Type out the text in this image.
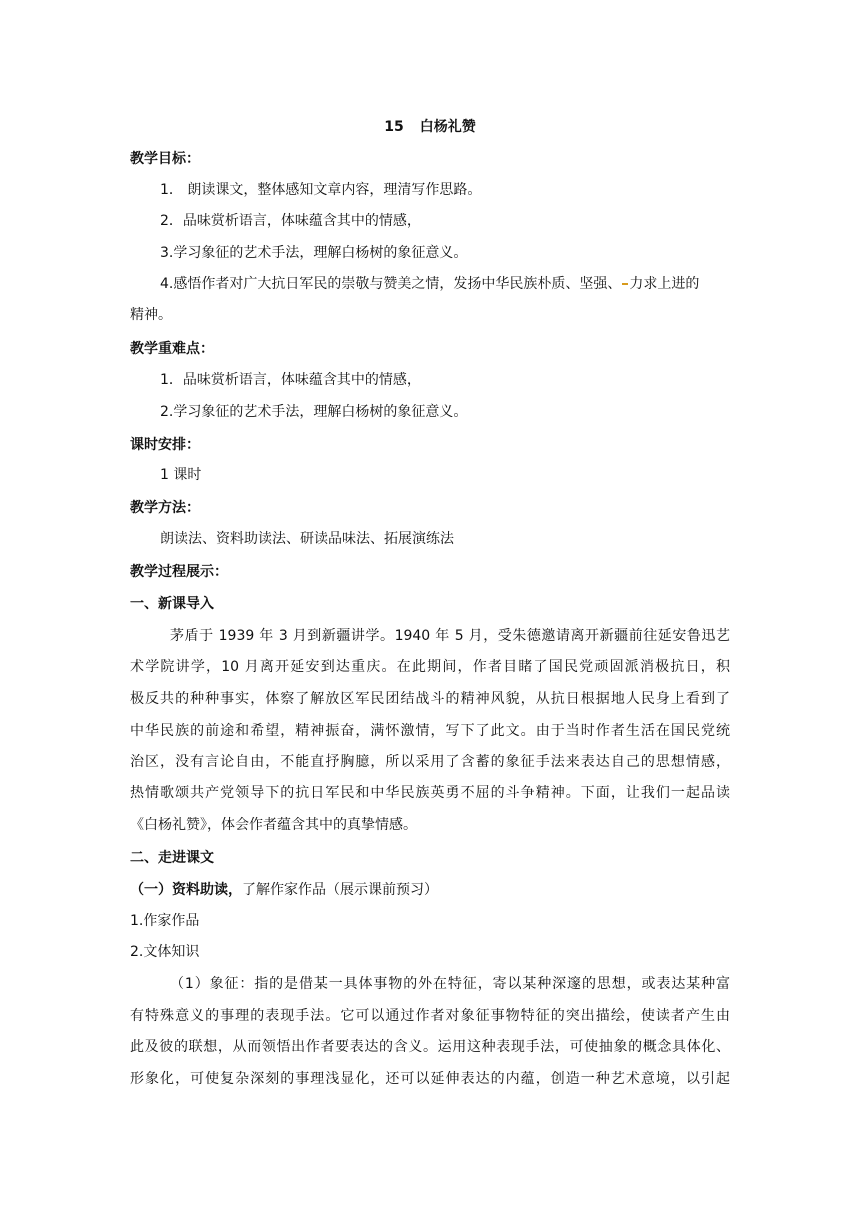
15 白杨礼赞
教学目标：
1． 朗读课文，整体感知文章内容，理清写作思路。
2．品味赏析语言，体味蕴含其中的情感，
3.学习象征的艺术手法，理解白杨树的象征意义。
4.感悟作者对广大抗日军民的崇敬与赞美之情，发扬中华民族朴质、坚强、 力求上进的
精神。
教学重难点：
1．品味赏析语言，体味蕴含其中的情感，
2.学习象征的艺术手法，理解白杨树的象征意义。
课时安排：
1 课时
教学方法：
朗读法、资料助读法、研读品味法、拓展演练法
教学过程展示：
一、新课导入
茅盾于 1939 年 3 月到新疆讲学。1940 年 5 月，受朱德邀请离开新疆前往延安鲁迅艺
术学院讲学，10 月离开延安到达重庆。在此期间，作者目睹了国民党顽固派消极抗日，积
极反共的种种事实，体察了解放区军民团结战斗的精神风貌，从抗日根据地人民身上看到了
中华民族的前途和希望，精神振奋，满怀激情，写下了此文。由于当时作者生活在国民党统
治区，没有言论自由，不能直抒胸臆，所以采用了含蓄的象征手法来表达自己的思想情感，
热情歌颂共产党领导下的抗日军民和中华民族英勇不屈的斗争精神。下面，让我们一起品读
《白杨礼赞》，体会作者蕴含其中的真挚情感。
二、走进课文
（一）资料助读，了解作家作品（展示课前预习）
1.作家作品
2.文体知识
（1）象征：指的是借某一具体事物的外在特征，寄以某种深邃的思想，或表达某种富
有特殊意义的事理的表现手法。它可以通过作者对象征事物特征的突出描绘，使读者产生由
此及彼的联想，从而领悟出作者要表达的含义。运用这种表现手法，可使抽象的概念具体化、
形象化，可使复杂深刻的事理浅显化，还可以延伸表达的内蕴，创造一种艺术意境，以引起
